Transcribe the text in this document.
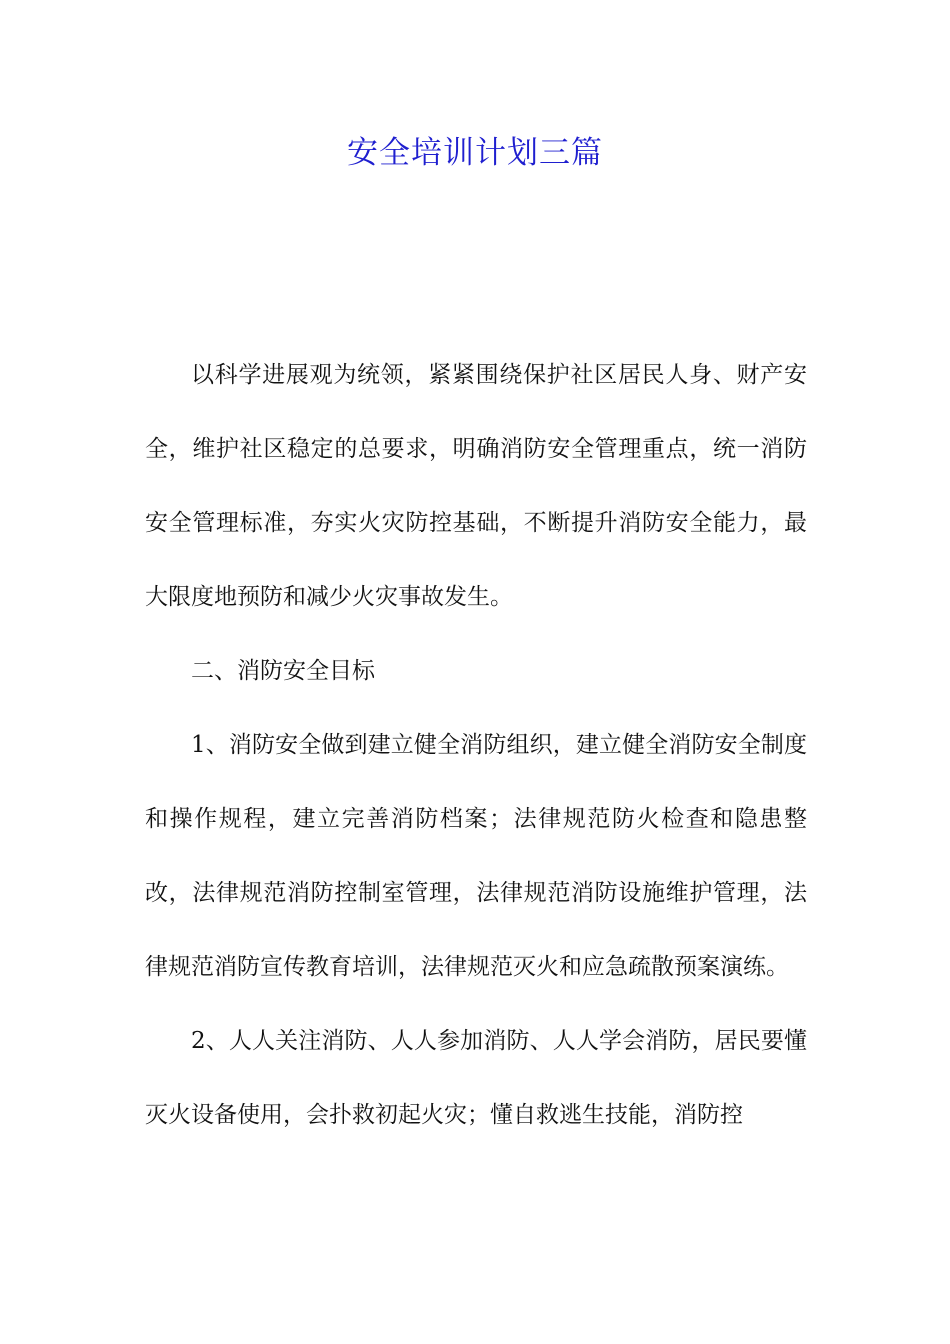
安全培训计划三篇

以科学进展观为统领，紧紧围绕保护社区居民人身、财产安全，维护社区稳定的总要求，明确消防安全管理重点，统一消防安全管理标准，夯实火灾防控基础，不断提升消防安全能力，最大限度地预防和减少火灾事故发生。

二、消防安全目标

1、消防安全做到建立健全消防组织，建立健全消防安全制度和操作规程，建立完善消防档案；法律规范防火检查和隐患整改，法律规范消防控制室管理，法律规范消防设施维护管理，法律规范消防宣传教育培训，法律规范灭火和应急疏散预案演练。

2、人人关注消防、人人参加消防、人人学会消防，居民要懂灭火设备使用，会扑救初起火灾；懂自救逃生技能，消防控
